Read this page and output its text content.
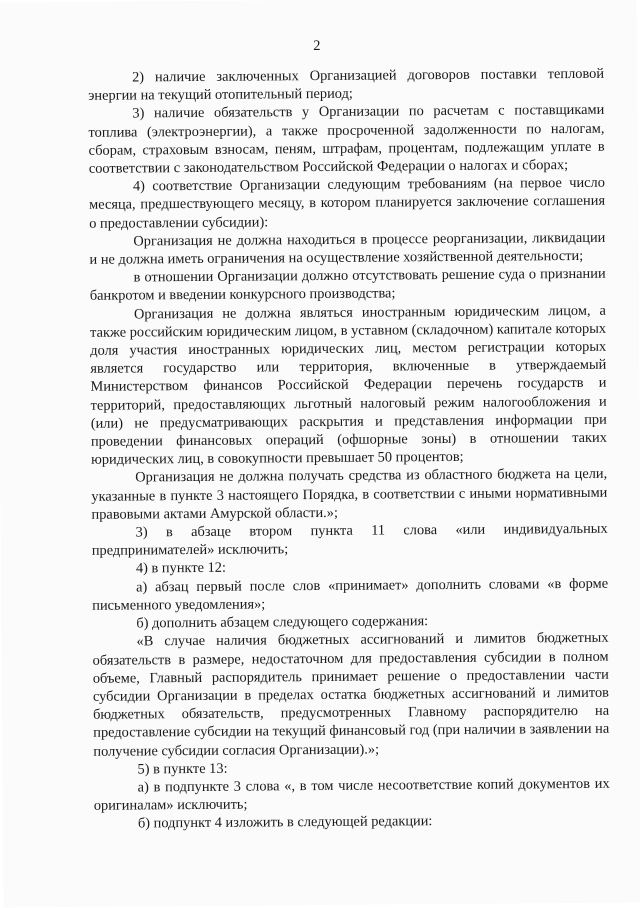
2

2) наличие заключенных Организацией договоров поставки тепловой энергии на текущий отопительный период;

3) наличие обязательств у Организации по расчетам с поставщиками топлива (электроэнергии), а также просроченной задолженности по налогам, сборам, страховым взносам, пеням, штрафам, процентам, подлежащим уплате в соответствии с законодательством Российской Федерации о налогах и сборах;

4) соответствие Организации следующим требованиям (на первое число месяца, предшествующего месяцу, в котором планируется заключение соглашения о предоставлении субсидии):

Организация не должна находиться в процессе реорганизации, ликвидации и не должна иметь ограничения на осуществление хозяйственной деятельности;

в отношении Организации должно отсутствовать решение суда о признании банкротом и введении конкурсного производства;

Организация не должна являться иностранным юридическим лицом, а также российским юридическим лицом, в уставном (складочном) капитале которых доля участия иностранных юридических лиц, местом регистрации которых является государство или территория, включенные в утверждаемый Министерством финансов Российской Федерации перечень государств и территорий, предоставляющих льготный налоговый режим налогообложения и (или) не предусматривающих раскрытия и представления информации при проведении финансовых операций (офшорные зоны) в отношении таких юридических лиц, в совокупности превышает 50 процентов;

Организация не должна получать средства из областного бюджета на цели, указанные в пункте 3 настоящего Порядка, в соответствии с иными нормативными правовыми актами Амурской области.»;

3) в абзаце втором пункта 11 слова «или индивидуальных предпринимателей» исключить;

4) в пункте 12:

а) абзац первый после слов «принимает» дополнить словами «в форме письменного уведомления»;

б) дополнить абзацем следующего содержания:

«В случае наличия бюджетных ассигнований и лимитов бюджетных обязательств в размере, недостаточном для предоставления субсидии в полном объеме, Главный распорядитель принимает решение о предоставлении части субсидии Организации в пределах остатка бюджетных ассигнований и лимитов бюджетных обязательств, предусмотренных Главному распорядителю на предоставление субсидии на текущий финансовый год (при наличии в заявлении на получение субсидии согласия Организации).»;

5) в пункте 13:

а) в подпункте 3 слова «, в том числе несоответствие копий документов их оригиналам» исключить;

б) подпункт 4 изложить в следующей редакции:
